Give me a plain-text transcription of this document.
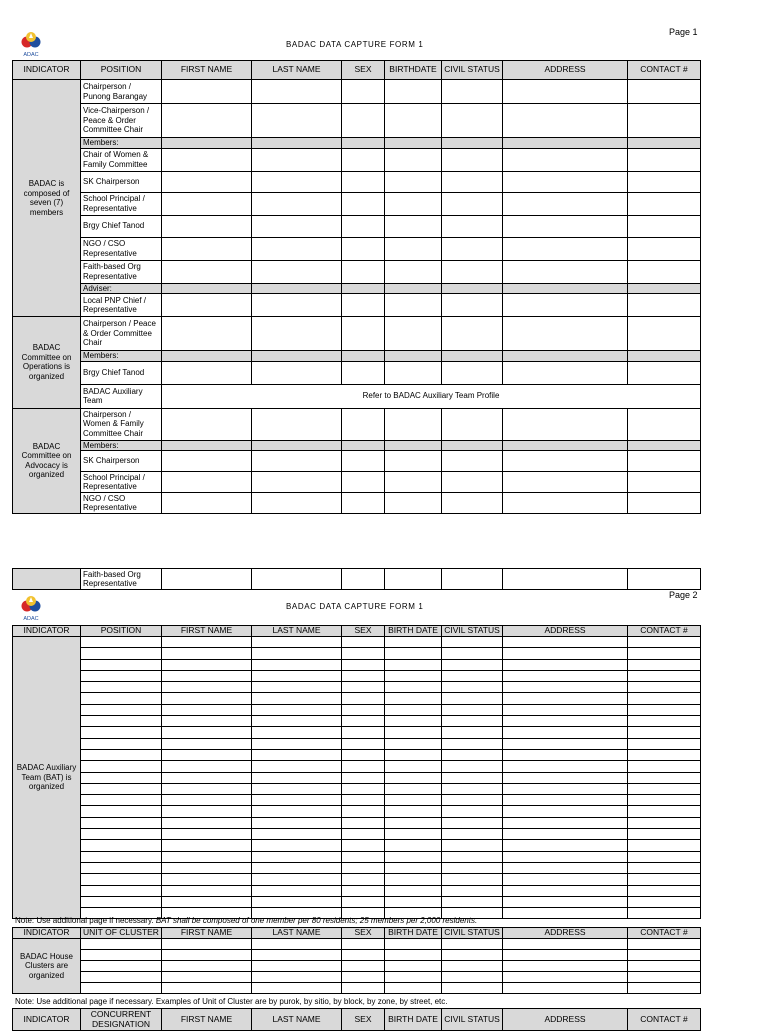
ADAC
Page 1
BADAC DATA CAPTURE FORM 1
INDICATOR	POSITION	FIRST NAME	LAST NAME	SEX	BIRTHDATE	CIVIL STATUS	ADDRESS	CONTACT #
BADAC is composed of seven (7) members	Chairperson / Punong Barangay							
	Vice-Chairperson / Peace & Order Committee Chair							
	Members:							
	Chair of Women & Family Committee							
	SK Chairperson							
	School Principal / Representative							
	Brgy Chief Tanod							
	NGO / CSO Representative							
	Faith-based Org Representative							
	Adviser:							
	Local PNP Chief / Representative							
BADAC Committee on Operations is organized	Chairperson / Peace & Order Committee Chair							
	Members:							
	Brgy Chief Tanod							
	BADAC Auxiliary Team	Refer to BADAC Auxiliary Team Profile						
BADAC Committee on Advocacy is organized	Chairperson / Women & Family Committee Chair							
	Members:							
	SK Chairperson							
	School Principal / Representative							
	NGO / CSO Representative							
	Faith-based Org Representative							
ADAC
Page 2
BADAC DATA CAPTURE FORM 1
INDICATOR	POSITION	FIRST NAME	LAST NAME	SEX	BIRTH DATE	CIVIL STATUS	ADDRESS	CONTACT #
BADAC Auxiliary Team (BAT) is organized								

Note: Use additional page if necessary. BAT shall be composed of one member per 80 residents; 25 members per 2,000 residents.
INDICATOR	UNIT OF CLUSTER	FIRST NAME	LAST NAME	SEX	BIRTH DATE	CIVIL STATUS	ADDRESS	CONTACT #
BADAC House Clusters are organized								

Note: Use additional page if necessary. Examples of Unit of Cluster are by purok, by sitio, by block, by zone, by street, etc.
INDICATOR	CONCURRENT DESIGNATION	FIRST NAME	LAST NAME	SEX	BIRTH DATE	CIVIL STATUS	ADDRESS	CONTACT #
